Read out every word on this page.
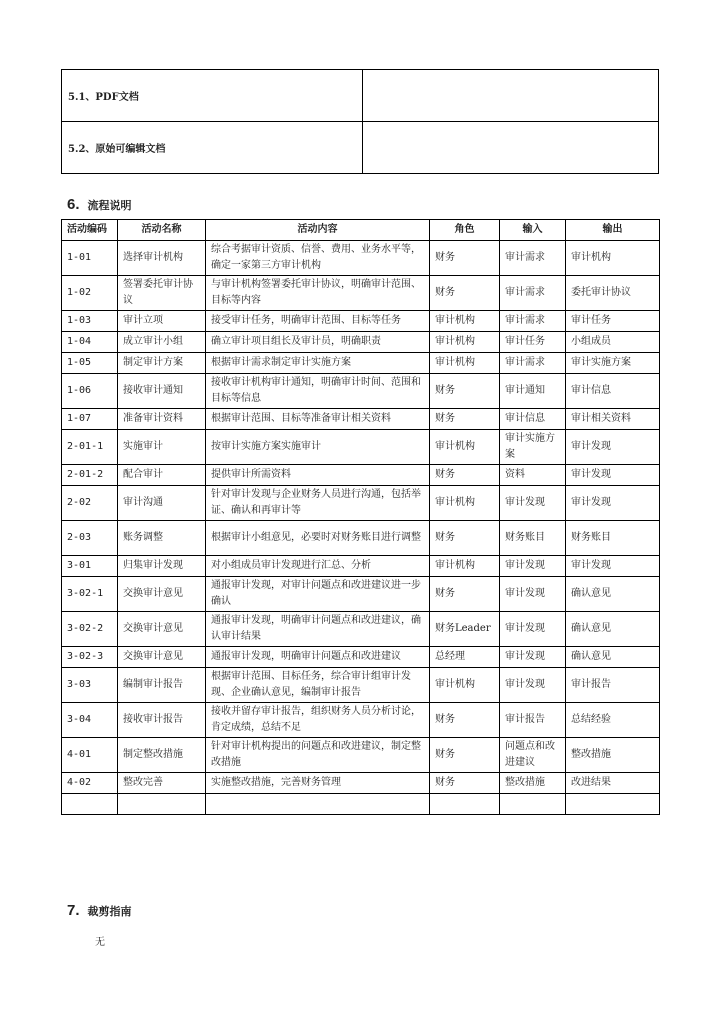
5.1、PDF文档	
5.2、原始可编辑文档	
6. 流程说明
活动编码	活动名称	活动内容	角色	输入	输出
1-01	选择审计机构	综合考据审计资质、信誉、费用、业务水平等，确定一家第三方审计机构	财务	审计需求	审计机构
1-02	签署委托审计协议	与审计机构签署委托审计协议，明确审计范围、目标等内容	财务	审计需求	委托审计协议
1-03	审计立项	接受审计任务，明确审计范围、目标等任务	审计机构	审计需求	审计任务
1-04	成立审计小组	确立审计项目组长及审计员，明确职责	审计机构	审计任务	小组成员
1-05	制定审计方案	根据审计需求制定审计实施方案	审计机构	审计需求	审计实施方案
1-06	接收审计通知	接收审计机构审计通知，明确审计时间、范围和目标等信息	财务	审计通知	审计信息
1-07	准备审计资料	根据审计范围、目标等准备审计相关资料	财务	审计信息	审计相关资料
2-01-1	实施审计	按审计实施方案实施审计	审计机构	审计实施方案	审计发现
2-01-2	配合审计	提供审计所需资料	财务	资料	审计发现
2-02	审计沟通	针对审计发现与企业财务人员进行沟通，包括举证、确认和再审计等	审计机构	审计发现	审计发现
2-03	账务调整	根据审计小组意见，必要时对财务账目进行调整	财务	财务账目	财务账目
3-01	归集审计发现	对小组成员审计发现进行汇总、分析	审计机构	审计发现	审计发现
3-02-1	交换审计意见	通报审计发现，对审计问题点和改进建议进一步确认	财务	审计发现	确认意见
3-02-2	交换审计意见	通报审计发现，明确审计问题点和改进建议，确认审计结果	财务Leader	审计发现	确认意见
3-02-3	交换审计意见	通报审计发现，明确审计问题点和改进建议	总经理	审计发现	确认意见
3-03	编制审计报告	根据审计范围、目标任务，综合审计组审计发现、企业确认意见，编制审计报告	审计机构	审计发现	审计报告
3-04	接收审计报告	接收并留存审计报告，组织财务人员分析讨论，肯定成绩，总结不足	财务	审计报告	总结经验
4-01	制定整改措施	针对审计机构提出的问题点和改进建议，制定整改措施	财务	问题点和改进建议	整改措施
4-02	整改完善	实施整改措施，完善财务管理	财务	整改措施	改进结果

7. 裁剪指南
无
